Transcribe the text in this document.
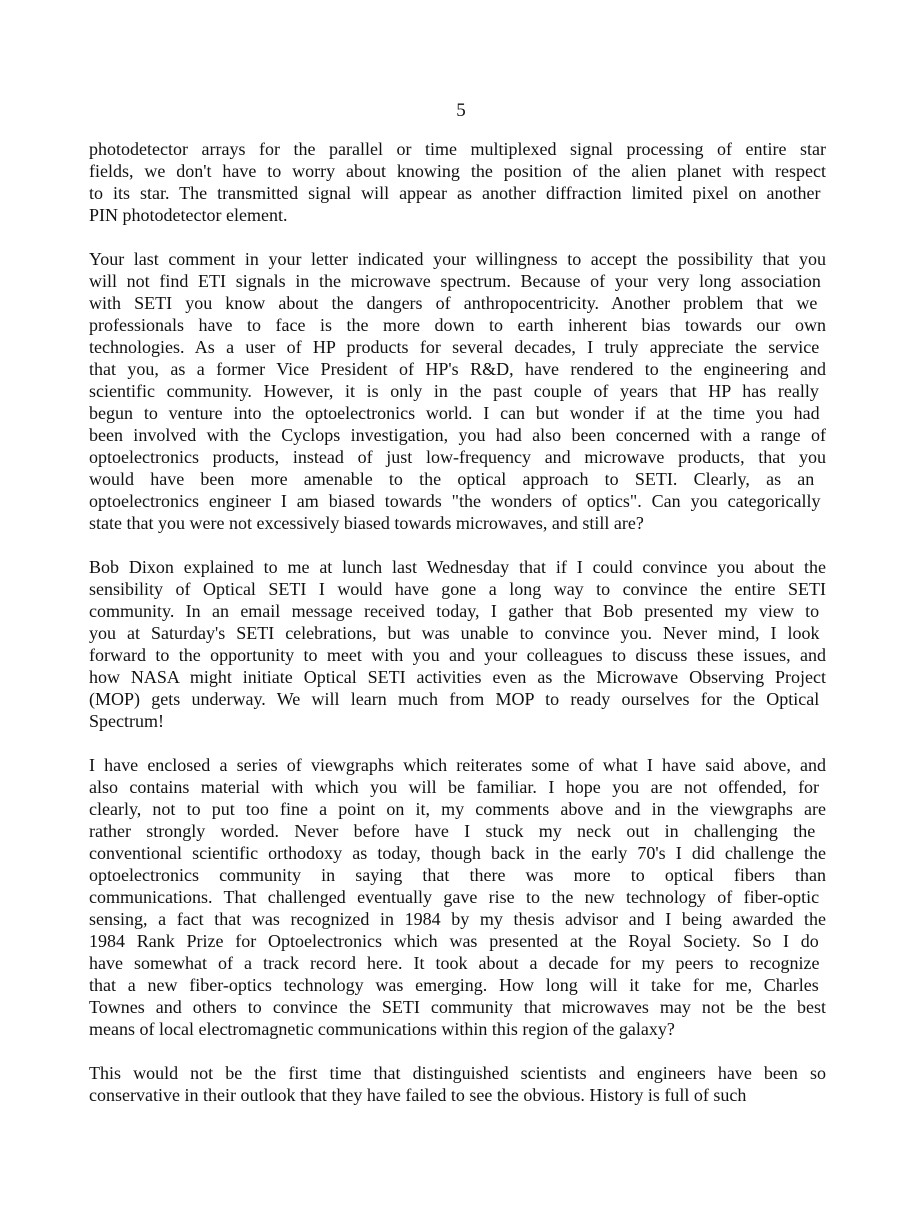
5

photodetector arrays for the parallel or time multiplexed signal processing of entire star
fields, we don't have to worry about knowing the position of the alien planet with respect
to its star. The transmitted signal will appear as another diffraction limited pixel on another
PIN photodetector element.

Your last comment in your letter indicated your willingness to accept the possibility that you
will not find ETI signals in the microwave spectrum. Because of your very long association
with SETI you know about the dangers of anthropocentricity. Another problem that we
professionals have to face is the more down to earth inherent bias towards our own
technologies. As a user of HP products for several decades, I truly appreciate the service
that you, as a former Vice President of HP's R&D, have rendered to the engineering and
scientific community. However, it is only in the past couple of years that HP has really
begun to venture into the optoelectronics world. I can but wonder if at the time you had
been involved with the Cyclops investigation, you had also been concerned with a range of
optoelectronics products, instead of just low-frequency and microwave products, that you
would have been more amenable to the optical approach to SETI. Clearly, as an
optoelectronics engineer I am biased towards "the wonders of optics". Can you categorically
state that you were not excessively biased towards microwaves, and still are?

Bob Dixon explained to me at lunch last Wednesday that if I could convince you about the
sensibility of Optical SETI I would have gone a long way to convince the entire SETI
community. In an email message received today, I gather that Bob presented my view to
you at Saturday's SETI celebrations, but was unable to convince you. Never mind, I look
forward to the opportunity to meet with you and your colleagues to discuss these issues, and
how NASA might initiate Optical SETI activities even as the Microwave Observing Project
(MOP) gets underway. We will learn much from MOP to ready ourselves for the Optical
Spectrum!

I have enclosed a series of viewgraphs which reiterates some of what I have said above, and
also contains material with which you will be familiar. I hope you are not offended, for
clearly, not to put too fine a point on it, my comments above and in the viewgraphs are
rather strongly worded. Never before have I stuck my neck out in challenging the
conventional scientific orthodoxy as today, though back in the early 70's I did challenge the
optoelectronics community in saying that there was more to optical fibers than
communications. That challenged eventually gave rise to the new technology of fiber-optic
sensing, a fact that was recognized in 1984 by my thesis advisor and I being awarded the
1984 Rank Prize for Optoelectronics which was presented at the Royal Society. So I do
have somewhat of a track record here. It took about a decade for my peers to recognize
that a new fiber-optics technology was emerging. How long will it take for me, Charles
Townes and others to convince the SETI community that microwaves may not be the best
means of local electromagnetic communications within this region of the galaxy?

This would not be the first time that distinguished scientists and engineers have been so
conservative in their outlook that they have failed to see the obvious. History is full of such
